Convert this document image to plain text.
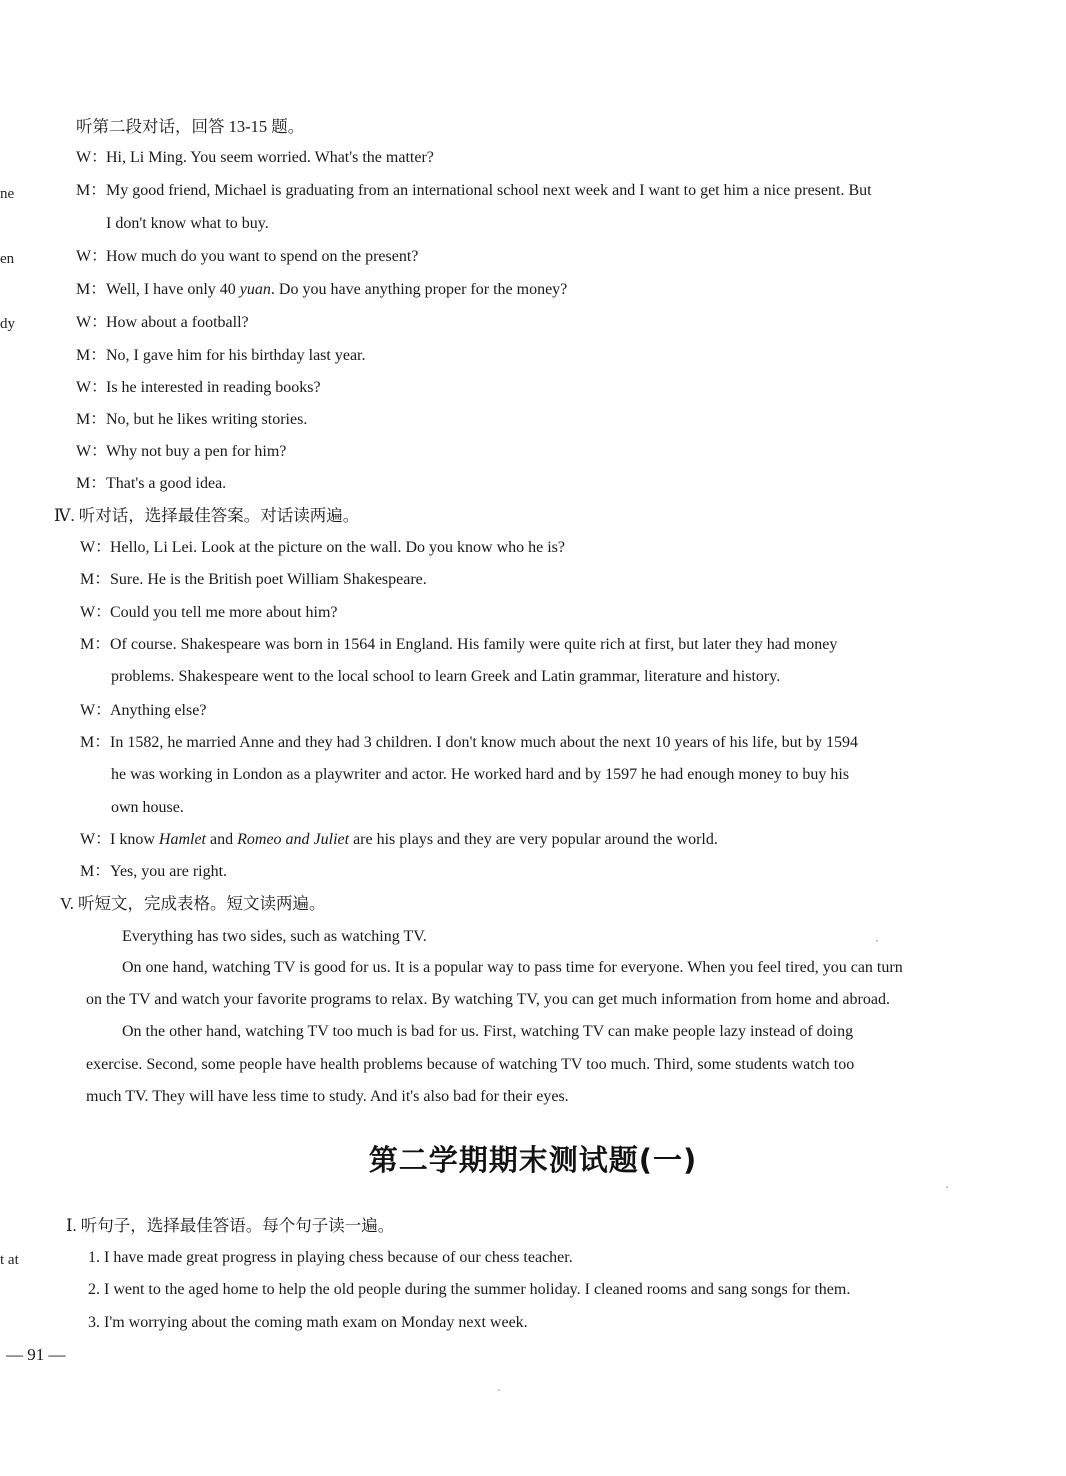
ne
en
dy
t at
听第二段对话，回答 13-15 题。
W：Hi, Li Ming. You seem worried. What's the matter?
M：My good friend, Michael is graduating from an international school next week and I want to get him a nice present. But
I don't know what to buy.
W：How much do you want to spend on the present?
M：Well, I have only 40 yuan. Do you have anything proper for the money?
W：How about a football?
M：No, I gave him for his birthday last year.
W：Is he interested in reading books?
M：No, but he likes writing stories.
W：Why not buy a pen for him?
M：That's a good idea.
Ⅳ. 听对话，选择最佳答案。对话读两遍。
W：Hello, Li Lei. Look at the picture on the wall. Do you know who he is?
M：Sure. He is the British poet William Shakespeare.
W：Could you tell me more about him?
M：Of course. Shakespeare was born in 1564 in England. His family were quite rich at first, but later they had money
problems. Shakespeare went to the local school to learn Greek and Latin grammar, literature and history.
W：Anything else?
M：In 1582, he married Anne and they had 3 children. I don't know much about the next 10 years of his life, but by 1594
he was working in London as a playwriter and actor. He worked hard and by 1597 he had enough money to buy his
own house.
W：I know Hamlet and Romeo and Juliet are his plays and they are very popular around the world.
M：Yes, you are right.
V. 听短文，完成表格。短文读两遍。
Everything has two sides, such as watching TV.
On one hand, watching TV is good for us. It is a popular way to pass time for everyone. When you feel tired, you can turn
on the TV and watch your favorite programs to relax. By watching TV, you can get much information from home and abroad.
On the other hand, watching TV too much is bad for us. First, watching TV can make people lazy instead of doing
exercise. Second, some people have health problems because of watching TV too much. Third, some students watch too
much TV. They will have less time to study. And it's also bad for their eyes.
第二学期期末测试题(一)
Ⅰ. 听句子，选择最佳答语。每个句子读一遍。
1. I have made great progress in playing chess because of our chess teacher.
2. I went to the aged home to help the old people during the summer holiday. I cleaned rooms and sang songs for them.
3. I'm worrying about the coming math exam on Monday next week.
— 91 —
